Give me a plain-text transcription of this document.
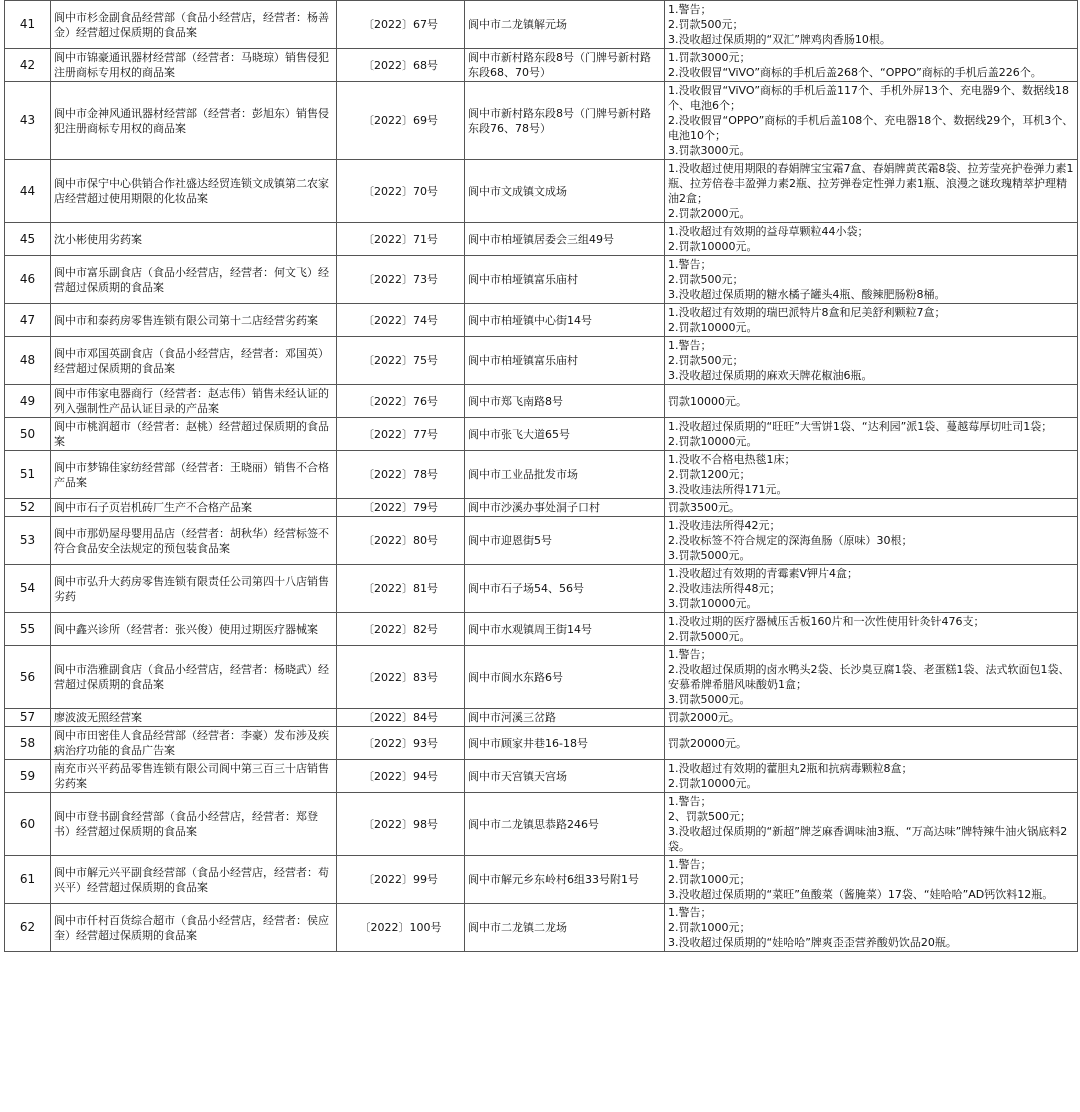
41	阆中市杉金副食品经营部（食品小经营店，经营者：杨善金）经营超过保质期的食品案	〔2022〕67号	阆中市二龙镇解元场	1.警告；
2.罚款500元；
3.没收超过保质期的“双汇”牌鸡肉香肠10根。

42	阆中市锦豪通讯器材经营部（经营者：马晓琼）销售侵犯注册商标专用权的商品案	〔2022〕68号	阆中市新村路东段8号（门牌号新村路东段68、70号）	1.罚款3000元；
2.没收假冒“ViVO”商标的手机后盖268个、“OPPO”商标的手机后盖226个。

43	阆中市金神风通讯器材经营部（经营者：彭旭东）销售侵犯注册商标专用权的商品案	〔2022〕69号	阆中市新村路东段8号（门牌号新村路东段76、78号）	1.没收假冒“ViVO”商标的手机后盖117个、手机外屏13个、充电器9个、数据线18个、电池6个；
2.没收假冒“OPPO”商标的手机后盖108个、充电器18个、数据线29个，耳机3个、电池10个；
3.罚款3000元。

44	阆中市保宁中心供销合作社盛达经贸连锁文成镇第二农家店经营超过使用期限的化妆品案	〔2022〕70号	阆中市文成镇文成场	1.没收超过使用期限的春娟牌宝宝霜7盒、春娟牌黄芪霜8袋、拉芳莹亮护卷弹力素1瓶、拉芳倍卷丰盈弹力素2瓶、拉芳弹卷定性弹力素1瓶、浪漫之谜玫瑰精萃护理精油2盒；
2.罚款2000元。

45	沈小彬使用劣药案	〔2022〕71号	阆中市柏垭镇居委会三组49号	1.没收超过有效期的益母草颗粒44小袋；
2.罚款10000元。

46	阆中市富乐副食店（食品小经营店，经营者：何文飞）经营超过保质期的食品案	〔2022〕73号	阆中市柏垭镇富乐庙村	1.警告；
2.罚款500元；
3.没收超过保质期的糖水橘子罐头4瓶、酸辣肥肠粉8桶。

47	阆中市和泰药房零售连锁有限公司第十二店经营劣药案	〔2022〕74号	阆中市柏垭镇中心街14号	1.没收超过有效期的瑞巴派特片8盒和尼美舒利颗粒7盒；
2.罚款10000元。

48	阆中市邓国英副食店（食品小经营店，经营者：邓国英）经营超过保质期的食品案	〔2022〕75号	阆中市柏垭镇富乐庙村	1.警告；
2.罚款500元；
3.没收超过保质期的麻欢天牌花椒油6瓶。

49	阆中市伟家电器商行（经营者：赵志伟）销售未经认证的列入强制性产品认证目录的产品案	〔2022〕76号	阆中市郑飞南路8号	罚款10000元。

50	阆中市桃润超市（经营者：赵桃）经营超过保质期的食品案	〔2022〕77号	阆中市张飞大道65号	1.没收超过保质期的“旺旺”大雪饼1袋、“达利园”派1袋、蔓越莓厚切吐司1袋；
2.罚款10000元。

51	阆中市梦锦佳家纺经营部（经营者：王晓丽）销售不合格产品案	〔2022〕78号	阆中市工业品批发市场	1.没收不合格电热毯1床；
2.罚款1200元；
3.没收违法所得171元。

52	阆中市石子页岩机砖厂生产不合格产品案	〔2022〕79号	阆中市沙溪办事处洞子口村	罚款3500元。

53	阆中市那奶屋母婴用品店（经营者：胡秋华）经营标签不符合食品安全法规定的预包装食品案	〔2022〕80号	阆中市迎恩街5号	1.没收违法所得42元；
2.没收标签不符合规定的深海鱼肠（原味）30根；
3.罚款5000元。

54	阆中市弘升大药房零售连锁有限责任公司第四十八店销售劣药	〔2022〕81号	阆中市石子场54、56号	1.没收超过有效期的青霉素V钾片4盒；
2.没收违法所得48元；
3.罚款10000元。

55	阆中鑫兴诊所（经营者：张兴俊）使用过期医疗器械案	〔2022〕82号	阆中市水观镇周王街14号	1.没收过期的医疗器械压舌板160片和一次性使用针灸针476支；
2.罚款5000元。

56	阆中市浩雅副食店（食品小经营店，经营者：杨晓武）经营超过保质期的食品案	〔2022〕83号	阆中市阆水东路6号	1.警告；
2.没收超过保质期的卤水鸭头2袋、长沙臭豆腐1袋、老蛋糕1袋、法式软面包1袋、安慕希牌希腊风味酸奶1盒；
3.罚款5000元。

57	廖波波无照经营案	〔2022〕84号	阆中市河溪三岔路	罚款2000元。

58	阆中市田密佳人食品经营部（经营者：李豪）发布涉及疾病治疗功能的食品广告案	〔2022〕93号	阆中市顾家井巷16-18号	罚款20000元。

59	南充市兴平药品零售连锁有限公司阆中第三百三十店销售劣药案	〔2022〕94号	阆中市天宫镇天宫场	1.没收超过有效期的藿胆丸2瓶和抗病毒颗粒8盒；
2.罚款10000元。

60	阆中市登书副食经营部（食品小经营店，经营者：郑登书）经营超过保质期的食品案	〔2022〕98号	阆中市二龙镇思恭路246号	1.警告；
2、罚款500元；
3.没收超过保质期的“新超”牌芝麻香调味油3瓶、“万高达味”牌特辣牛油火锅底料2袋。

61	阆中市解元兴平副食经营部（食品小经营店，经营者：苟兴平）经营超过保质期的食品案	〔2022〕99号	阆中市解元乡东岭村6组33号附1号	1.警告；
2.罚款1000元；
3.没收超过保质期的“菜旺”鱼酸菜（酱腌菜）17袋、“娃哈哈”AD钙饮料12瓶。

62	阆中市仟村百货综合超市（食品小经营店，经营者：侯应奎）经营超过保质期的食品案	〔2022〕100号	阆中市二龙镇二龙场	1.警告；
2.罚款1000元；
3.没收超过保质期的“娃哈哈”牌爽歪歪营养酸奶饮品20瓶。
